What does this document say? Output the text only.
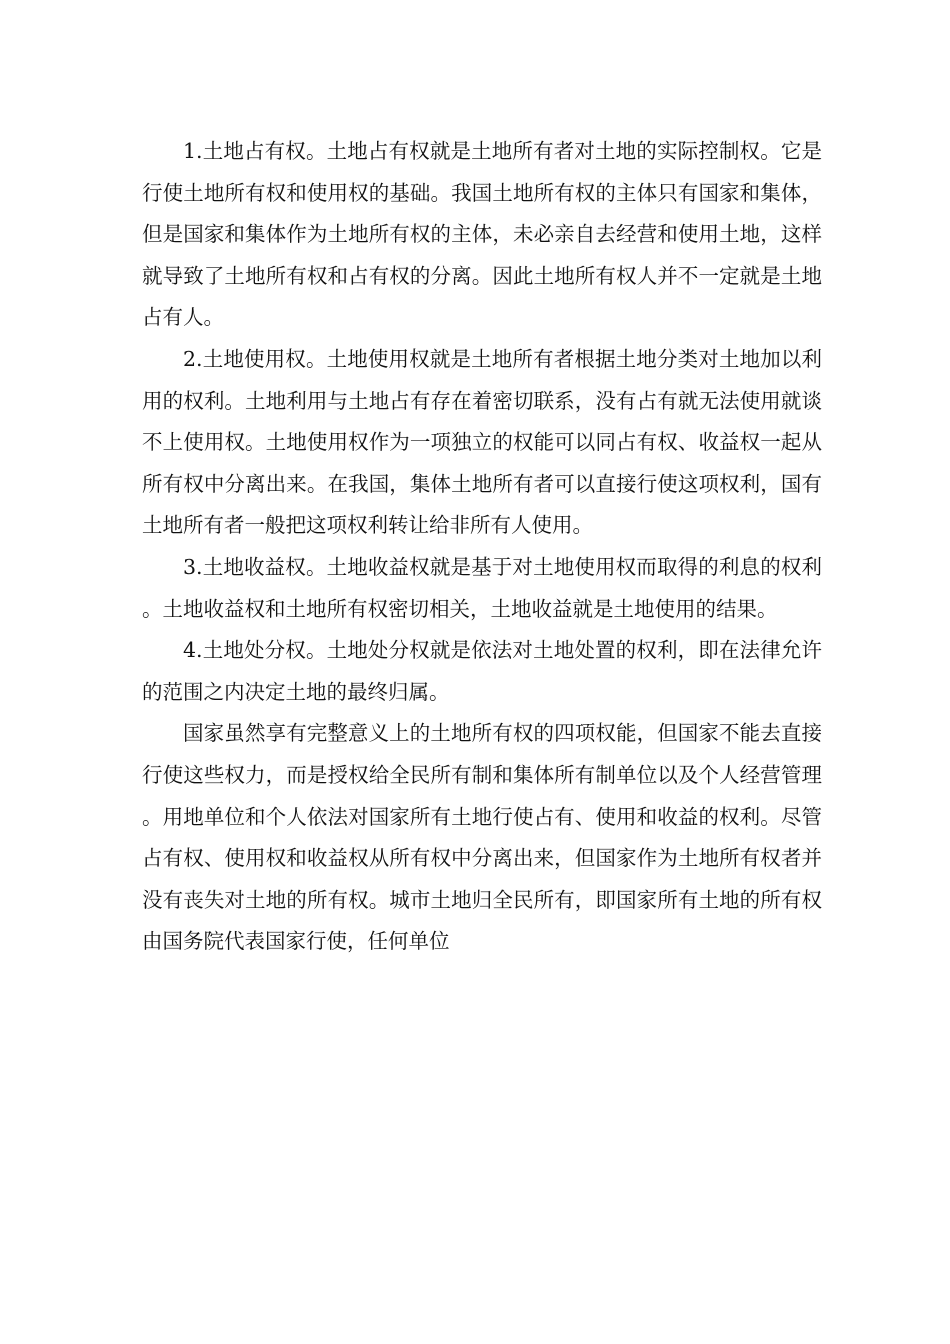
1.土地占有权。土地占有权就是土地所有者对土地的实际控制权。它是行使土地所有权和使用权的基础。我国土地所有权的主体只有国家和集体，但是国家和集体作为土地所有权的主体，未必亲自去经营和使用土地，这样就导致了土地所有权和占有权的分离。因此土地所有权人并不一定就是土地占有人。

2.土地使用权。土地使用权就是土地所有者根据土地分类对土地加以利用的权利。土地利用与土地占有存在着密切联系，没有占有就无法使用就谈不上使用权。土地使用权作为一项独立的权能可以同占有权、收益权一起从所有权中分离出来。在我国，集体土地所有者可以直接行使这项权利，国有土地所有者一般把这项权利转让给非所有人使用。

3.土地收益权。土地收益权就是基于对土地使用权而取得的利息的权利。土地收益权和土地所有权密切相关，土地收益就是土地使用的结果。

4.土地处分权。土地处分权就是依法对土地处置的权利，即在法律允许的范围之内决定土地的最终归属。

国家虽然享有完整意义上的土地所有权的四项权能，但国家不能去直接行使这些权力，而是授权给全民所有制和集体所有制单位以及个人经营管理。用地单位和个人依法对国家所有土地行使占有、使用和收益的权利。尽管占有权、使用权和收益权从所有权中分离出来，但国家作为土地所有权者并没有丧失对土地的所有权。城市土地归全民所有，即国家所有土地的所有权由国务院代表国家行使，任何单位
